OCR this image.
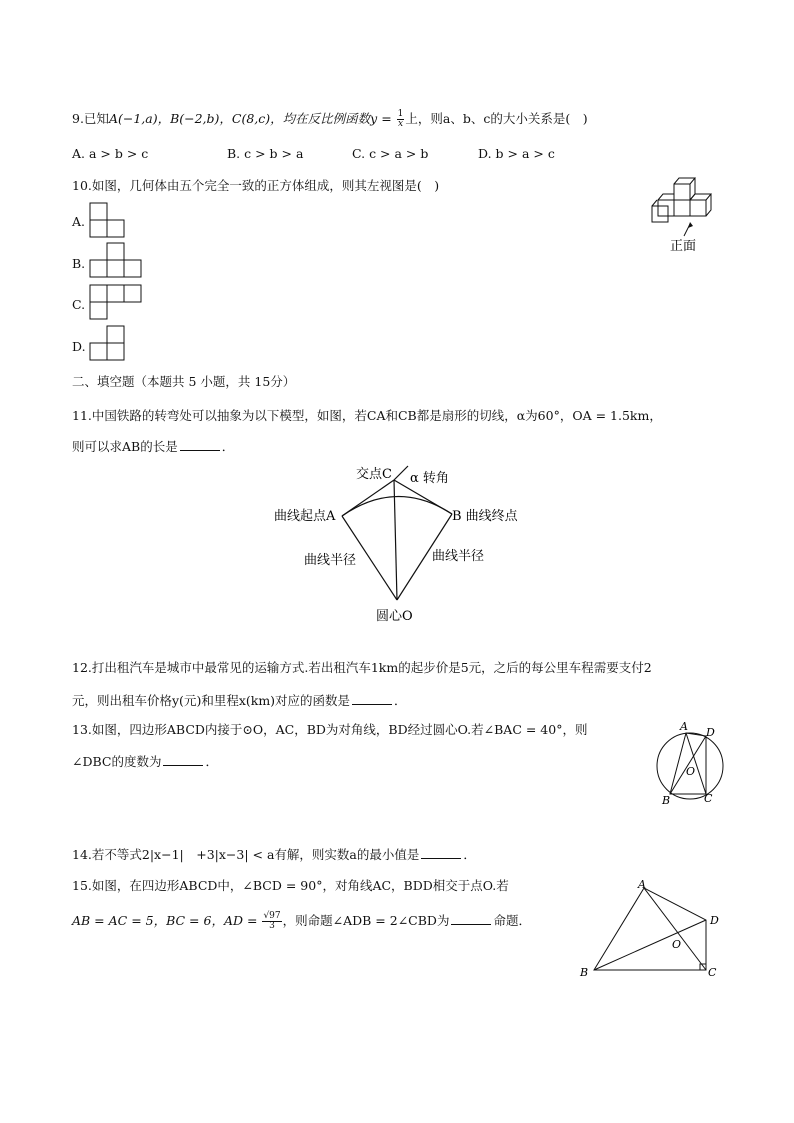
9.已知A(−1,a)，B(−2,b)，C(8,c)，均在反比例函数$y = \frac{1}{x}$ 上，则a、b、c的大小关系是(　)
A. a > b > c	B. c > b > a	C. c > a > b	D. b > a > c
10.如图，几何体由五个完全一致的正方体组成，则其左视图是(　)
A.
B.
C.
D.
正面
二、填空题（本题共 5 小题，共 15分）
11.中国铁路的转弯处可以抽象为以下模型，如图，若CA和CB都是扇形的切线，α为60°，OA = 1.5km，
则可以求AB的长是	．
交点C α 转角
曲线起点A	B 曲线终点
曲线半径	曲线半径
圆心O
12.打出租汽车是城市中最常见的运输方式.若出租汽车1km的起步价是5元，之后的每公里车程需要支付2
元，则出租车价格y(元)和里程x(km)对应的函数是	．
13.如图，四边形ABCD内接于⊙O，AC，BD为对角线，BD经过圆心O.若∠BAC = 40°，则
∠DBC的度数为	．
A D
O
B	C
14.若不等式2|x−1|　+3|x−3| < a有解，则实数a的最小值是	．
15.如图，在四边形ABCD中，∠BCD = 90°，对角线AC，BDD相交于点O.若
AB = AC = 5，BC = 6，AD = $\frac{√97}{3}$ ，则命题∠ADB = 2∠CBD为	命题．
A
D
O
B	C
